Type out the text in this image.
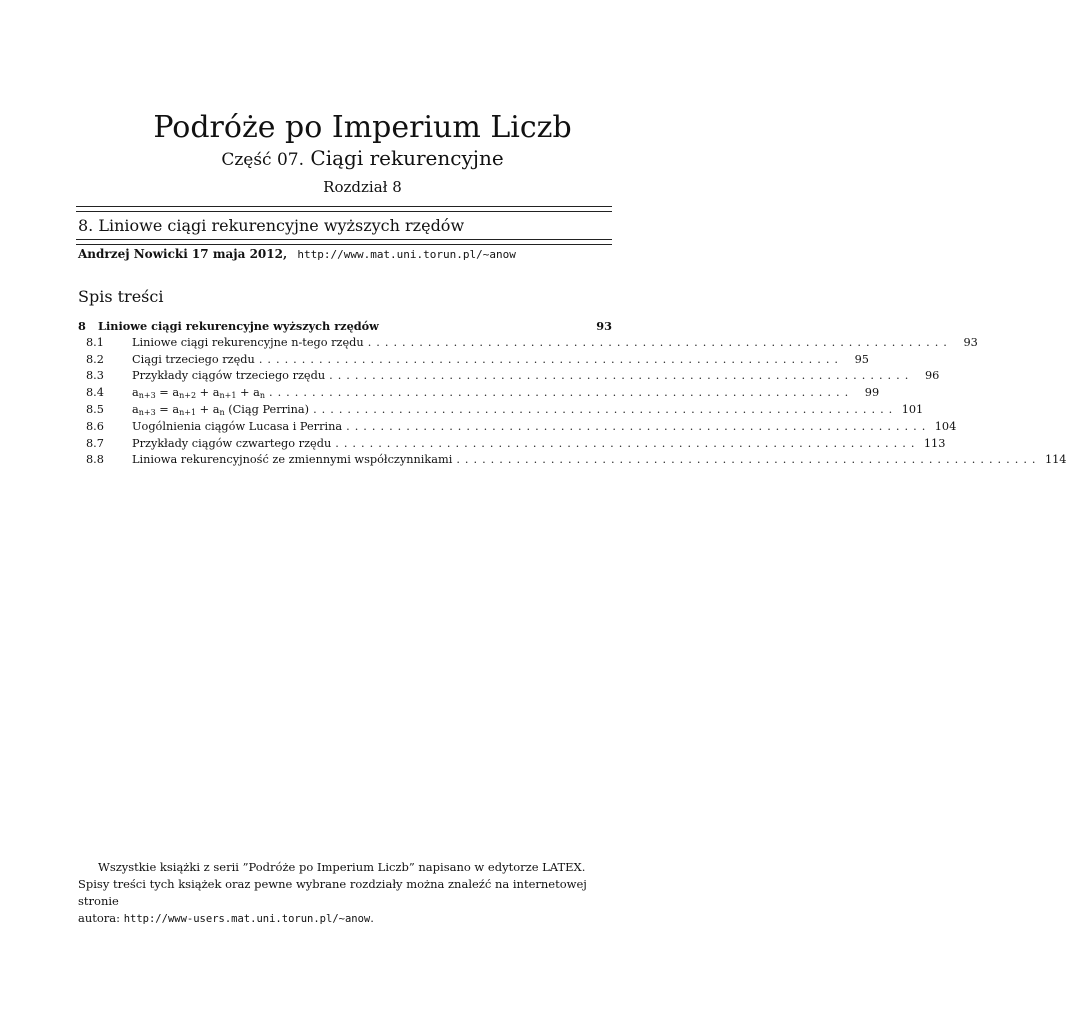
Podróże po Imperium Liczb
Część 07. Ciągi rekurencyjne
Rozdział 8
8. Liniowe ciągi rekurencyjne wyższych rzędów
Andrzej Nowicki 17 maja 2012, http://www.mat.uni.torun.pl/~anow
Spis treści
8	Liniowe ciągi rekurencyjne wyższych rzędów	93
8.1	Liniowe ciągi rekurencyjne n-tego rzędu ....................................................................	93
8.2	Ciągi trzeciego rzędu ....................................................................	95
8.3	Przykłady ciągów trzeciego rzędu ....................................................................	96
8.4	$a_{n+3} = a_{n+2} + a_{n+1} + a_n$ ....................................................................	99
8.5	$a_{n+3} = a_{n+1} + a_n$ (Ciąg Perrina) .................................................................... 101
8.6	Uogólnienia ciągów Lucasa i Perrina .................................................................... 104
8.7	Przykłady ciągów czwartego rzędu .................................................................... 113
8.8	Liniowa rekurencyjność ze zmiennymi współczynnikami .................................................................... 114

Wszystkie książki z serii ”Podróże po Imperium Liczb” napisano w edytorze LATEX.

Spisy treści tych książek oraz pewne wybrane rozdziały można znaleźć na internetowej stronie

autora: http://www-users.mat.uni.torun.pl/~anow.
